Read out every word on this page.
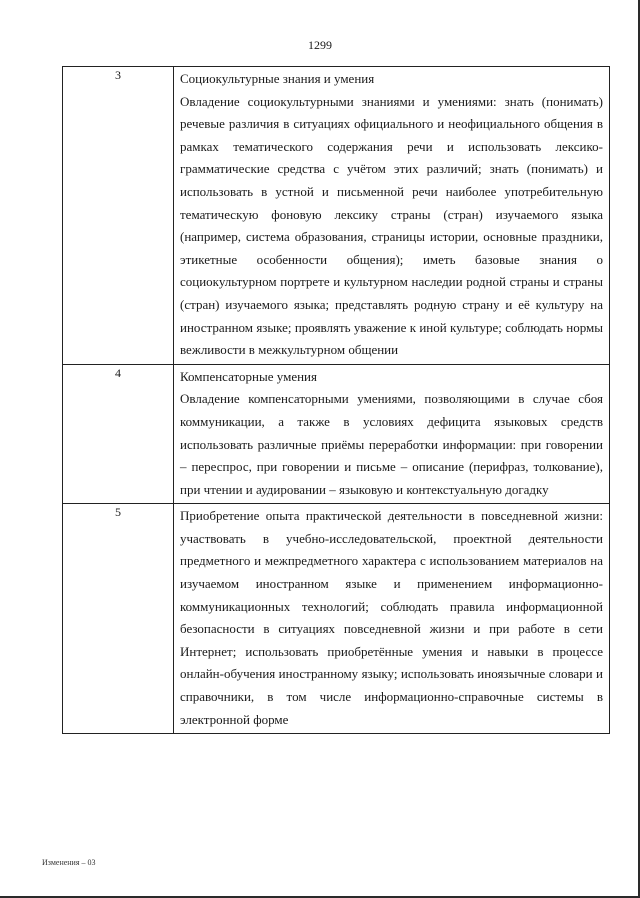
1299
3	Социокультурные знания и умения

Овладение социокультурными знаниями и умениями: знать (понимать) речевые различия в ситуациях официального и неофициального общения в рамках тематического содержания речи и использовать лексико-грамматические средства с учётом этих различий; знать (понимать) и использовать в устной и письменной речи наиболее употребительную тематическую фоновую лексику страны (стран) изучаемого языка (например, система образования, страницы истории, основные праздники, этикетные особенности общения); иметь базовые знания о социокультурном портрете и культурном наследии родной страны и страны (стран) изучаемого языка; представлять родную страну и её культуру на иностранном языке; проявлять уважение к иной культуре; соблюдать нормы вежливости в межкультурном общении

4	Компенсаторные умения

Овладение компенсаторными умениями, позволяющими в случае сбоя коммуникации, а также в условиях дефицита языковых средств использовать различные приёмы переработки информации: при говорении – переспрос, при говорении и письме – описание (перифраз, толкование), при чтении и аудировании – языковую и контекстуальную догадку

5	Приобретение опыта практической деятельности в повседневной жизни: участвовать в учебно-исследовательской, проектной деятельности предметного и межпредметного характера с использованием материалов на изучаемом иностранном языке и применением информационно-коммуникационных технологий; соблюдать правила информационной безопасности в ситуациях повседневной жизни и при работе в сети Интернет; использовать приобретённые умения и навыки в процессе онлайн-обучения иностранному языку; использовать иноязычные словари и справочники, в том числе информационно-справочные системы в электронной форме

Изменения – 03
